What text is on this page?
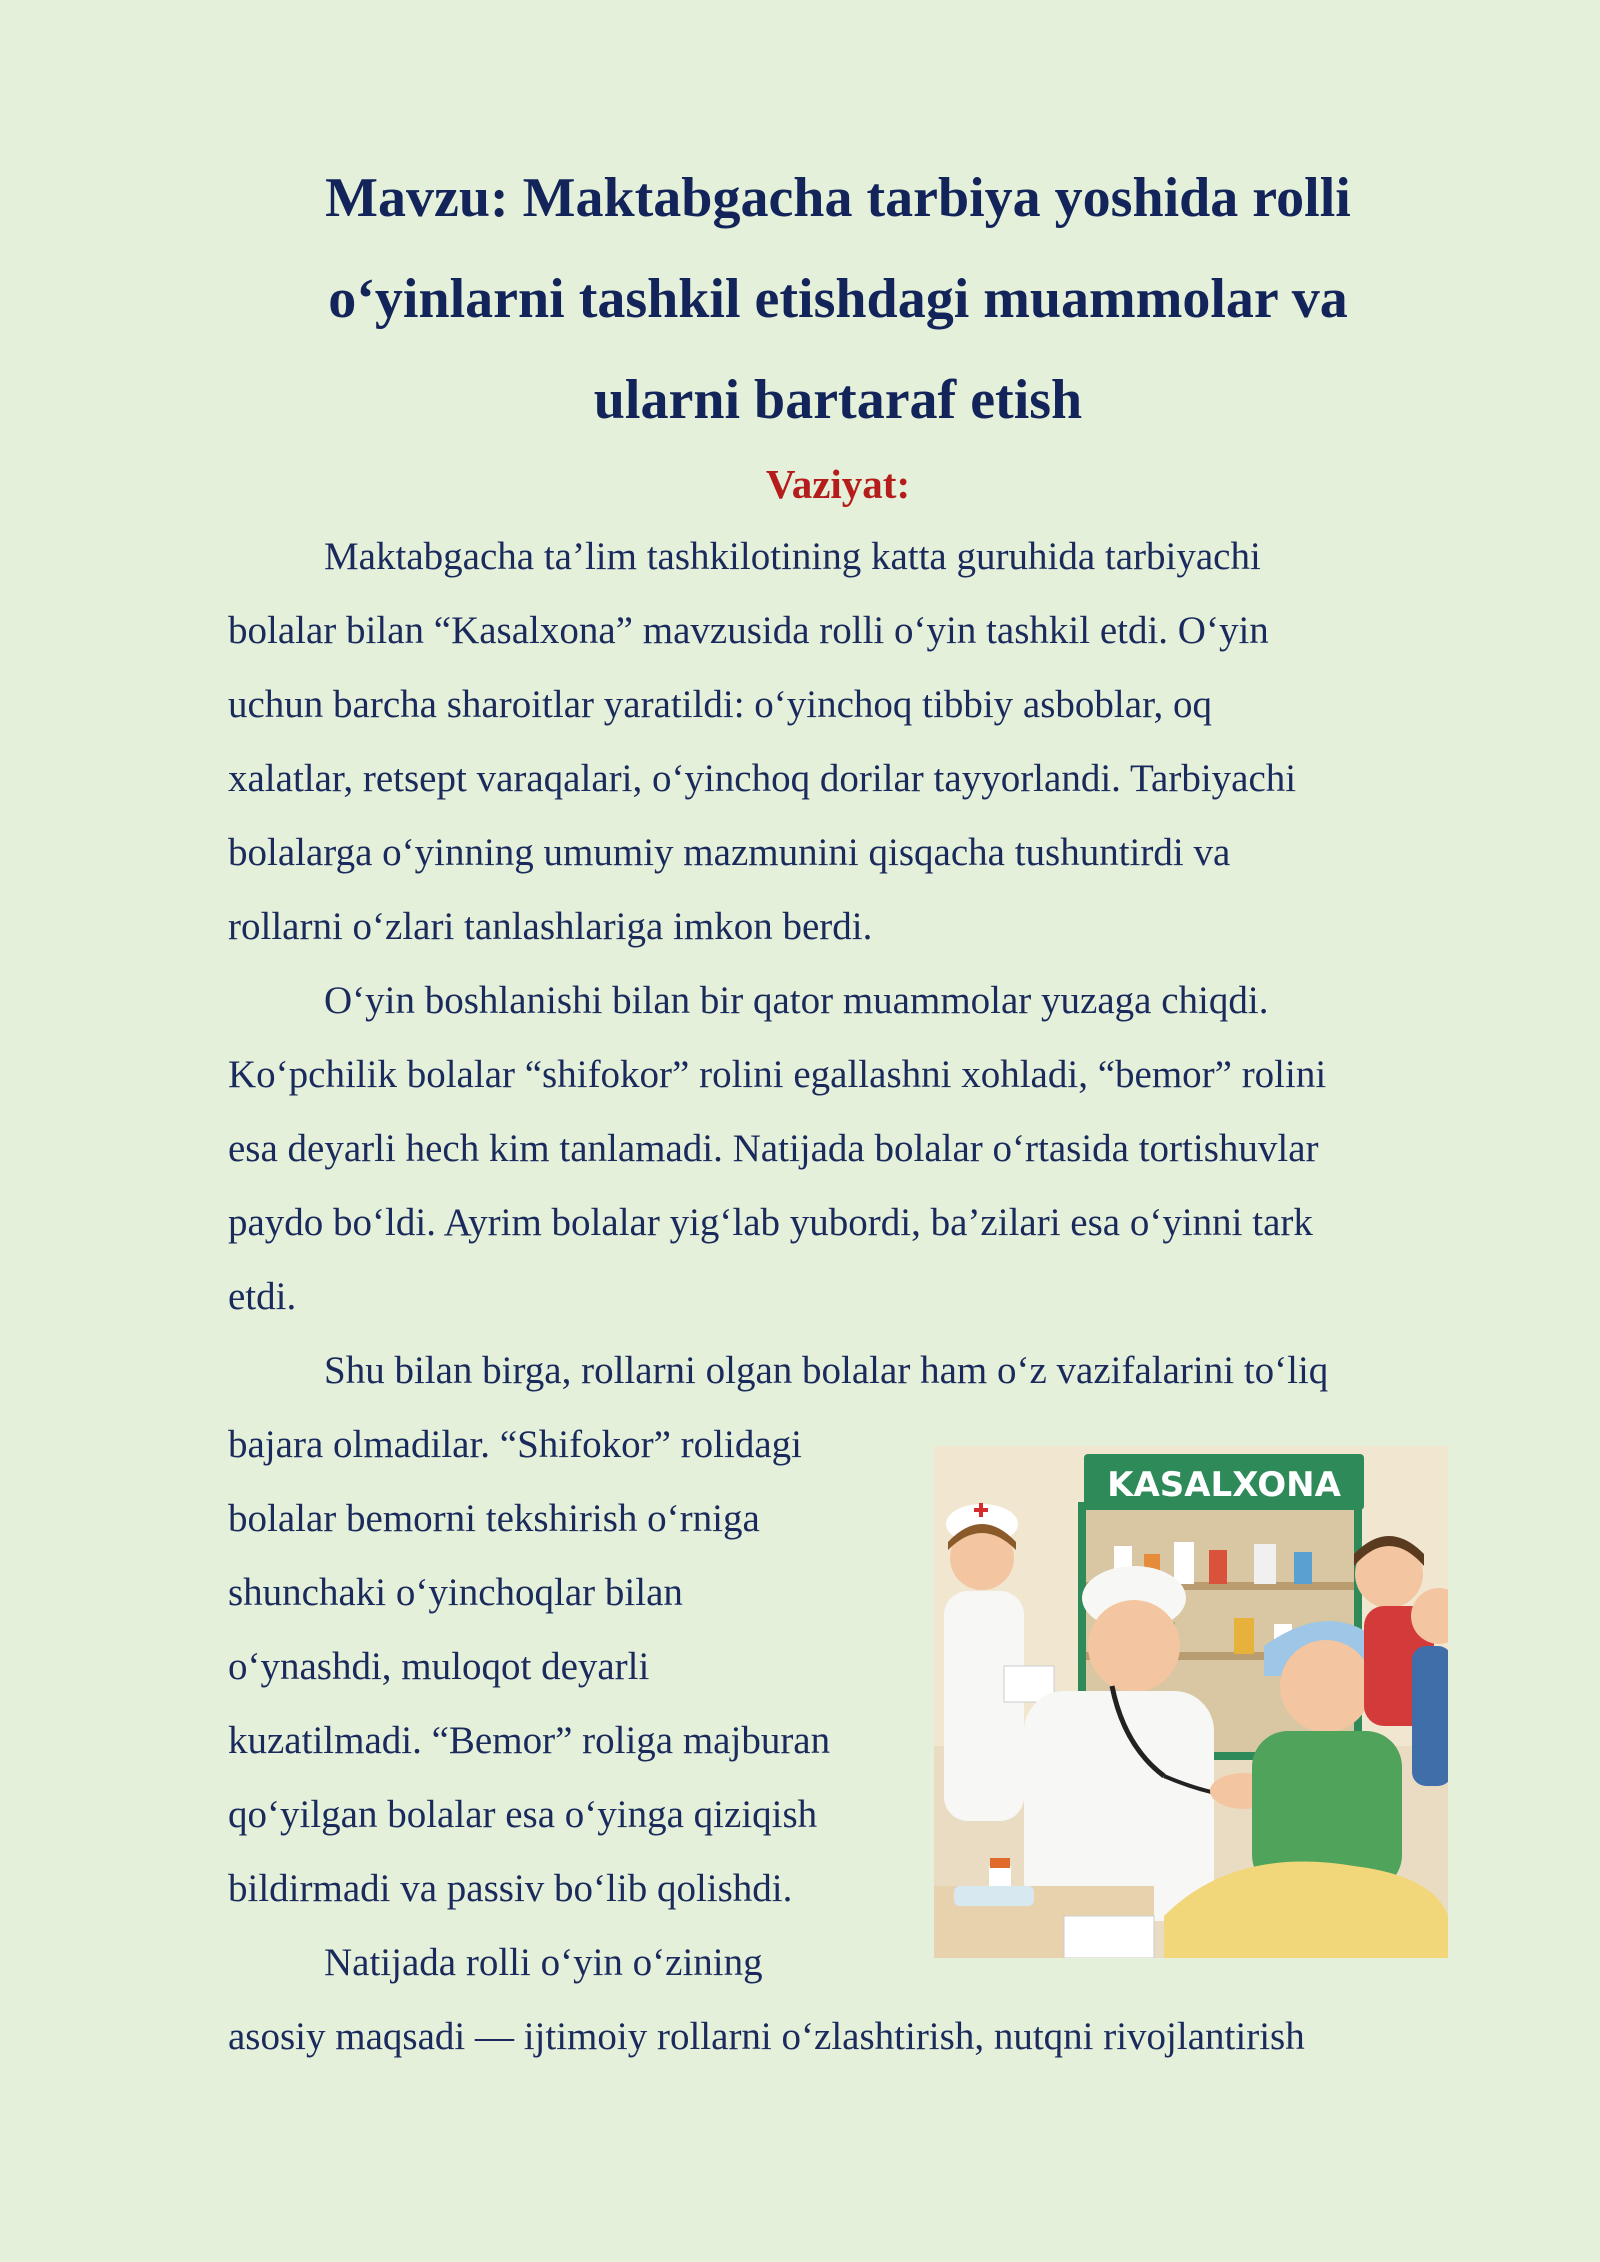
Mavzu: Maktabgacha tarbiya yoshida rolli
o‘yinlarni tashkil etishdagi muammolar va
ularni bartaraf etish
Vaziyat:
Maktabgacha ta’lim tashkilotining katta guruhida tarbiyachi
bolalar bilan “Kasalxona” mavzusida rolli o‘yin tashkil etdi. O‘yin
uchun barcha sharoitlar yaratildi: o‘yinchoq tibbiy asboblar, oq
xalatlar, retsept varaqalari, o‘yinchoq dorilar tayyorlandi. Tarbiyachi
bolalarga o‘yinning umumiy mazmunini qisqacha tushuntirdi va
rollarni o‘zlari tanlashlariga imkon berdi.
O‘yin boshlanishi bilan bir qator muammolar yuzaga chiqdi.
Ko‘pchilik bolalar “shifokor” rolini egallashni xohladi, “bemor” rolini
esa deyarli hech kim tanlamadi. Natijada bolalar o‘rtasida tortishuvlar
paydo bo‘ldi. Ayrim bolalar yig‘lab yubordi, ba’zilari esa o‘yinni tark
etdi.
Shu bilan birga, rollarni olgan bolalar ham o‘z vazifalarini to‘liq
bajara olmadilar. “Shifokor” rolidagi
bolalar bemorni tekshirish o‘rniga
shunchaki o‘yinchoqlar bilan
o‘ynashdi, muloqot deyarli
kuzatilmadi. “Bemor” roliga majburan
qo‘yilgan bolalar esa o‘yinga qiziqish
bildirmadi va passiv bo‘lib qolishdi.
Natijada rolli o‘yin o‘zining
asosiy maqsadi — ijtimoiy rollarni o‘zlashtirish, nutqni rivojlantirish
KASALXONA
